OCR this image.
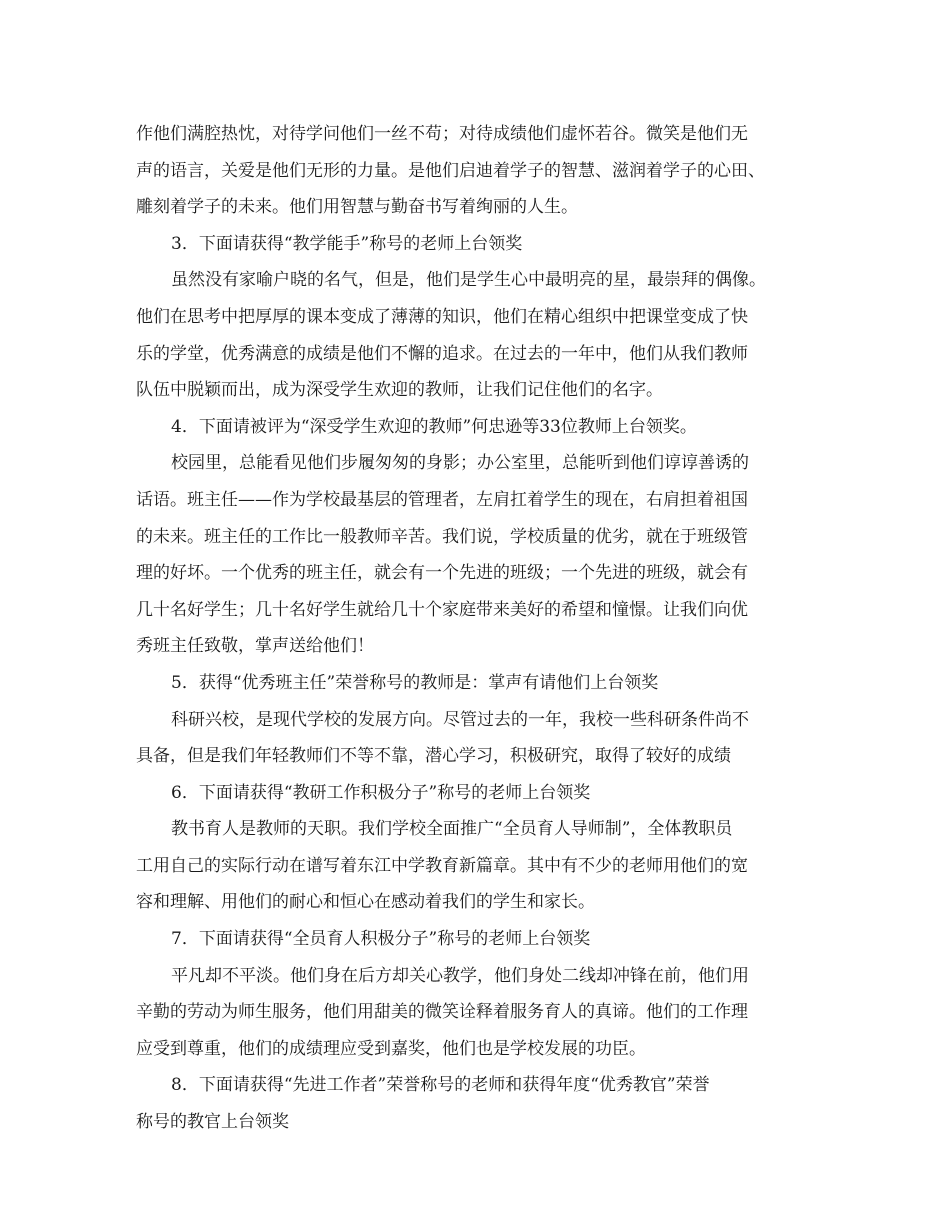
作他们满腔热忱，对待学问他们一丝不苟；对待成绩他们虚怀若谷。微笑是他们无
声的语言，关爱是他们无形的力量。是他们启迪着学子的智慧、滋润着学子的心田、
雕刻着学子的未来。他们用智慧与勤奋书写着绚丽的人生。
3．下面请获得“教学能手”称号的老师上台领奖
虽然没有家喻户晓的名气，但是，他们是学生心中最明亮的星，最崇拜的偶像。
他们在思考中把厚厚的课本变成了薄薄的知识，他们在精心组织中把课堂变成了快
乐的学堂，优秀满意的成绩是他们不懈的追求。在过去的一年中，他们从我们教师
队伍中脱颖而出，成为深受学生欢迎的教师，让我们记住他们的名字。
4．下面请被评为“深受学生欢迎的教师”何忠逊等33位教师上台领奖。
校园里，总能看见他们步履匆匆的身影；办公室里，总能听到他们谆谆善诱的
话语。班主任——作为学校最基层的管理者，左肩扛着学生的现在，右肩担着祖国
的未来。班主任的工作比一般教师辛苦。我们说，学校质量的优劣，就在于班级管
理的好坏。一个优秀的班主任，就会有一个先进的班级；一个先进的班级，就会有
几十名好学生；几十名好学生就给几十个家庭带来美好的希望和憧憬。让我们向优
秀班主任致敬，掌声送给他们！
5．获得“优秀班主任”荣誉称号的教师是：掌声有请他们上台领奖
科研兴校，是现代学校的发展方向。尽管过去的一年，我校一些科研条件尚不
具备，但是我们年轻教师们不等不靠，潜心学习，积极研究，取得了较好的成绩
6．下面请获得“教研工作积极分子”称号的老师上台领奖
教书育人是教师的天职。我们学校全面推广“全员育人导师制”，全体教职员
工用自己的实际行动在谱写着东江中学教育新篇章。其中有不少的老师用他们的宽
容和理解、用他们的耐心和恒心在感动着我们的学生和家长。
7．下面请获得“全员育人积极分子”称号的老师上台领奖
平凡却不平淡。他们身在后方却关心教学，他们身处二线却冲锋在前，他们用
辛勤的劳动为师生服务，他们用甜美的微笑诠释着服务育人的真谛。他们的工作理
应受到尊重，他们的成绩理应受到嘉奖，他们也是学校发展的功臣。
8．下面请获得“先进工作者”荣誉称号的老师和获得年度“优秀教官”荣誉
称号的教官上台领奖
